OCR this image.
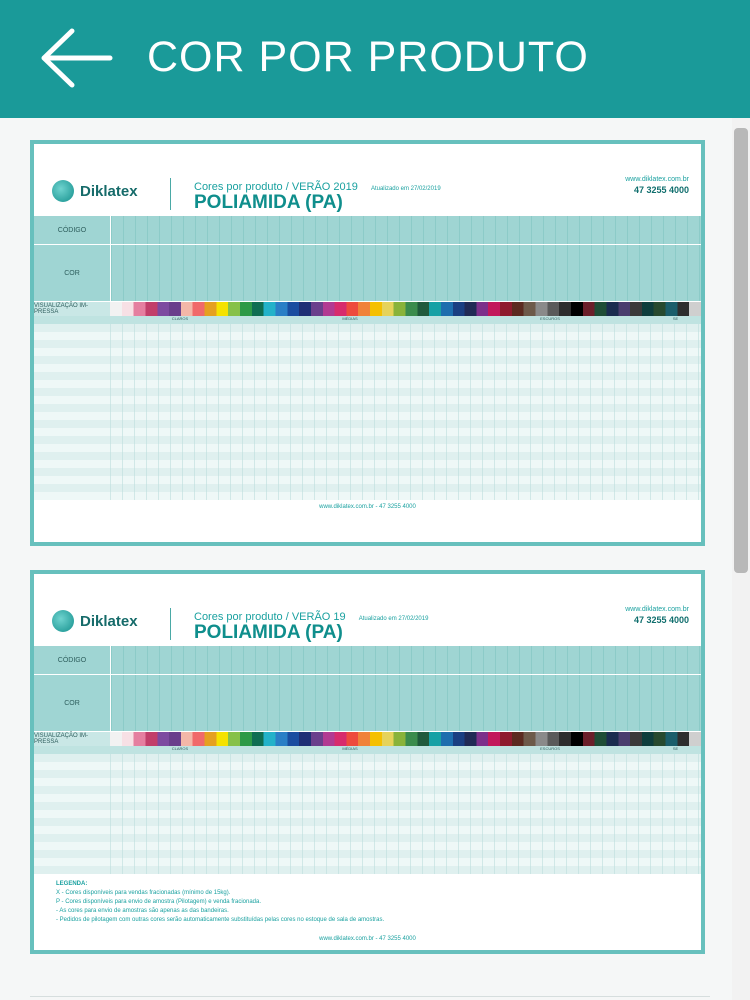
COR POR PRODUTO
Diklatex	Cores por produto / VERÃO 2019 Atualizado em 27/02/2019
POLIAMIDA (PA)
www.diklatex.com.br
47 3255 4000
CÓDIGO
COR
VISUALIZAÇÃO IM-PRESSA
CLAROS	MÉDIAS	ESCUROS	SE
www.diklatex.com.br - 47 3255 4000
Diklatex	Cores por produto / VERÃO 19 Atualizado em 27/02/2019
POLIAMIDA (PA)
www.diklatex.com.br
47 3255 4000
CÓDIGO
COR
VISUALIZAÇÃO IM-PRESSA
CLAROS	MÉDIAS	ESCUROS	SE
LEGENDA:
X - Cores disponíveis para vendas fracionadas (mínimo de 15kg).
P - Cores disponíveis para envio de amostra (Pilotagem) e venda fracionada.
- As cores para envio de amostras são apenas as das bandeiras.
- Pedidos de pilotagem com outras cores serão automaticamente substituídas pelas cores no estoque de sala de amostras.
www.diklatex.com.br - 47 3255 4000
